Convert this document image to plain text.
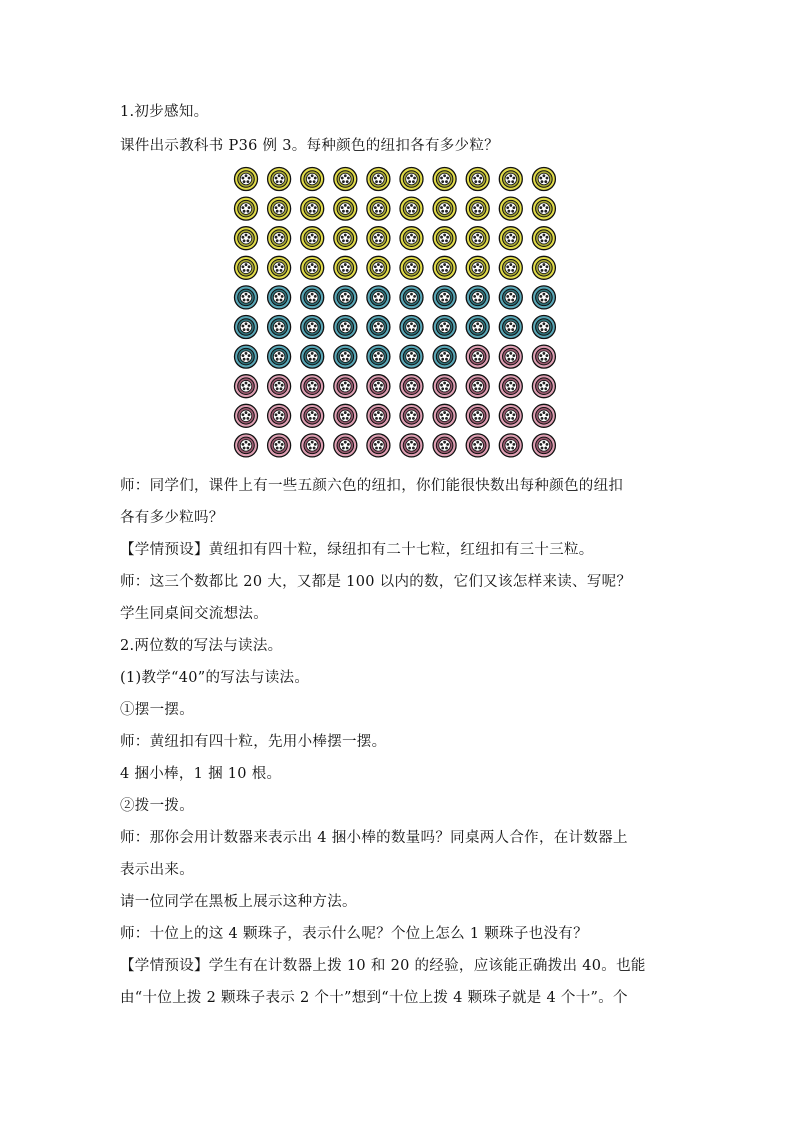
1.初步感知。
课件出示教科书 P36 例 3。每种颜色的纽扣各有多少粒？
师：同学们，课件上有一些五颜六色的纽扣，你们能很快数出每种颜色的纽扣
各有多少粒吗？
【学情预设】黄纽扣有四十粒，绿纽扣有二十七粒，红纽扣有三十三粒。
师：这三个数都比 20 大，又都是 100 以内的数，它们又该怎样来读、写呢？
学生同桌间交流想法。
2.两位数的写法与读法。
(1)教学“40”的写法与读法。
①摆一摆。
师：黄纽扣有四十粒，先用小棒摆一摆。
4 捆小棒，1 捆 10 根。
②拨一拨。
师：那你会用计数器来表示出 4 捆小棒的数量吗？同桌两人合作，在计数器上
表示出来。
请一位同学在黑板上展示这种方法。
师：十位上的这 4 颗珠子，表示什么呢？个位上怎么 1 颗珠子也没有？
【学情预设】学生有在计数器上拨 10 和 20 的经验，应该能正确拨出 40。也能
由“十位上拨 2 颗珠子表示 2 个十”想到“十位上拨 4 颗珠子就是 4 个十”。个
